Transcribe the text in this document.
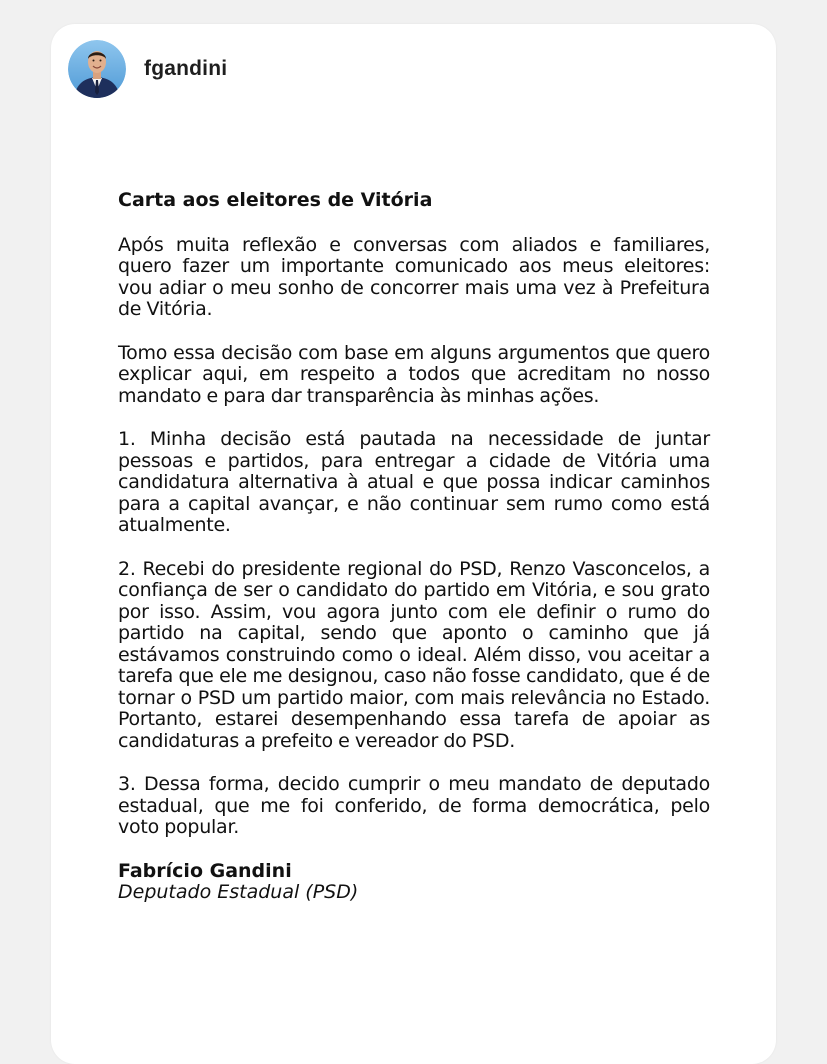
fgandini

Carta aos eleitores de Vitória

Após muita reflexão e conversas com aliados e familiares, quero fazer um importante comunicado aos meus eleitores: vou adiar o meu sonho de concorrer mais uma vez à Prefeitura de Vitória.

Tomo essa decisão com base em alguns argumentos que quero explicar aqui, em respeito a todos que acreditam no nosso mandato e para dar transparência às minhas ações.

1. Minha decisão está pautada na necessidade de juntar pessoas e partidos, para entregar a cidade de Vitória uma candidatura alternativa à atual e que possa indicar caminhos para a capital avançar, e não continuar sem rumo como está atualmente.

2. Recebi do presidente regional do PSD, Renzo Vasconcelos, a confiança de ser o candidato do partido em Vitória, e sou grato por isso. Assim, vou agora junto com ele definir o rumo do partido na capital, sendo que aponto o caminho que já estávamos construindo como o ideal. Além disso, vou aceitar a tarefa que ele me designou, caso não fosse candidato, que é de tornar o PSD um partido maior, com mais relevância no Estado. Portanto, estarei desempenhando essa tarefa de apoiar as candidaturas a prefeito e vereador do PSD.

3. Dessa forma, decido cumprir o meu mandato de deputado estadual, que me foi conferido, de forma democrática, pelo voto popular.

Fabrício Gandini

Deputado Estadual (PSD)
